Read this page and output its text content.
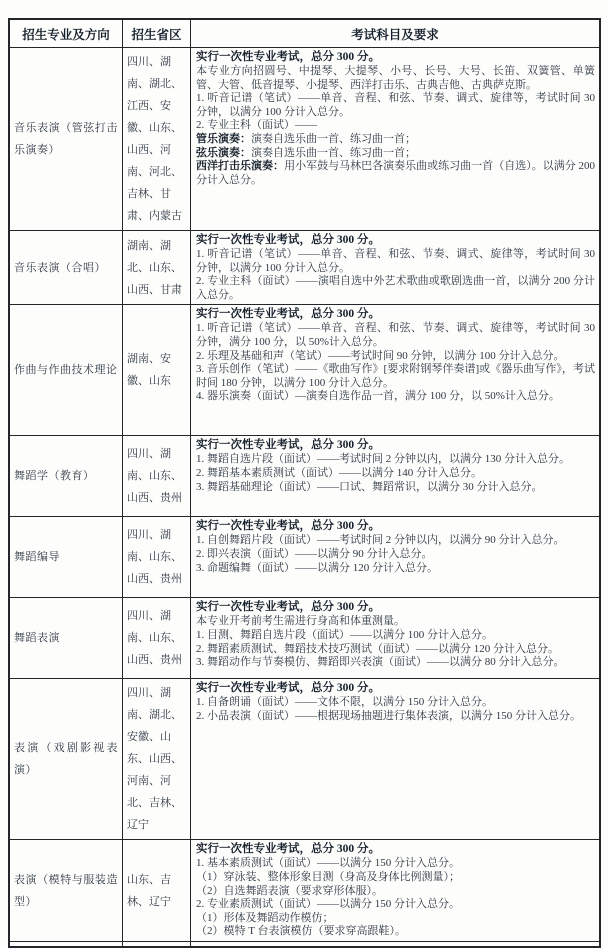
招生专业及方向	招生省区	考试科目及要求
音乐表演（管弦打击乐演奏）
四川、湖南、湖北、江西、安徽、山东、山西、河南、河北、吉林、甘肃、内蒙古
实行一次性专业考试，总分 300 分。
本专业方向招圆号、中提琴、大提琴、小号、长号、大号、长笛、双簧管、单簧管、大管、低音提琴、小提琴、西洋打击乐、古典吉他、古典萨克斯。
1. 听音记谱（笔试）——单音、音程、和弦、节奏、调式、旋律等，考试时间 30 分钟，以满分 100 分计入总分。
2. 专业主科（面试）——
管乐演奏：演奏自选乐曲一首、练习曲一首；
弦乐演奏：演奏自选乐曲一首、练习曲一首；
西洋打击乐演奏：用小军鼓与马林巴各演奏乐曲或练习曲一首（自选）。以满分 200 分计入总分。
音乐表演（合唱）
湖南、湖北、山东、山西、甘肃
实行一次性专业考试，总分 300 分。
1. 听音记谱（笔试）——单音、音程、和弦、节奏、调式、旋律等，考试时间 30 分钟，以满分 100 分计入总分。
2. 专业主科（面试）——演唱自选中外艺术歌曲或歌剧选曲一首，以满分 200 分计入总分。
作曲与作曲技术理论
湖南、安徽、山东
实行一次性专业考试，总分 300 分。
1. 听音记谱（笔试）——单音、音程、和弦、节奏、调式、旋律等，考试时间 30 分钟，满分 100 分，以 50%计入总分。
2. 乐理及基础和声（笔试）——考试时间 90 分钟，以满分 100 分计入总分。
3. 音乐创作（笔试）——《歌曲写作》[要求附钢琴伴奏谱]或《器乐曲写作》，考试时间 180 分钟，以满分 100 分计入总分。
4. 器乐演奏（面试）—演奏自选作品一首，满分 100 分，以 50%计入总分。
舞蹈学（教育）
四川、湖南、山东、山西、贵州
实行一次性专业考试，总分 300 分。
1. 舞蹈自选片段（面试）——考试时间 2 分钟以内，以满分 130 分计入总分。
2. 舞蹈基本素质测试（面试）——以满分 140 分计入总分。
3. 舞蹈基础理论（面试）——口试、舞蹈常识，以满分 30 分计入总分。
舞蹈编导
四川、湖南、山东、山西、贵州
实行一次性专业考试，总分 300 分。
1. 自创舞蹈片段（面试）——考试时间 2 分钟以内，以满分 90 分计入总分。
2. 即兴表演（面试）——以满分 90 分计入总分。
3. 命题编舞（面试）——以满分 120 分计入总分。
舞蹈表演
四川、湖南、山东、山西、贵州
实行一次性专业考试，总分 300 分。
本专业开考前考生需进行身高和体重测量。
1. 目测、舞蹈自选片段（面试）——以满分 100 分计入总分。
2. 舞蹈素质测试、舞蹈技术技巧测试（面试）——以满分 120 分计入总分。
3. 舞蹈动作与节奏模仿、舞蹈即兴表演（面试）——以满分 80 分计入总分。
表演（戏剧影视表演）
四川、湖南、湖北、安徽、山东、山西、河南、河北、吉林、辽宁
实行一次性专业考试，总分 300 分。
1. 自备朗诵（面试）——文体不限，以满分 150 分计入总分。
2. 小品表演（面试）——根据现场抽题进行集体表演，以满分 150 分计入总分。
表演（模特与服装造型）
山东、吉林、辽宁
实行一次性专业考试，总分 300 分。
1. 基本素质测试（面试）——以满分 150 分计入总分。
（1）穿泳装、整体形象目测（身高及身体比例测量）；
（2）自选舞蹈表演（要求穿形体服）。
2. 专业素质测试（面试）——以满分 150 分计入总分。
（1）形体及舞蹈动作模仿；
（2）模特 T 台表演模仿（要求穿高跟鞋）。
